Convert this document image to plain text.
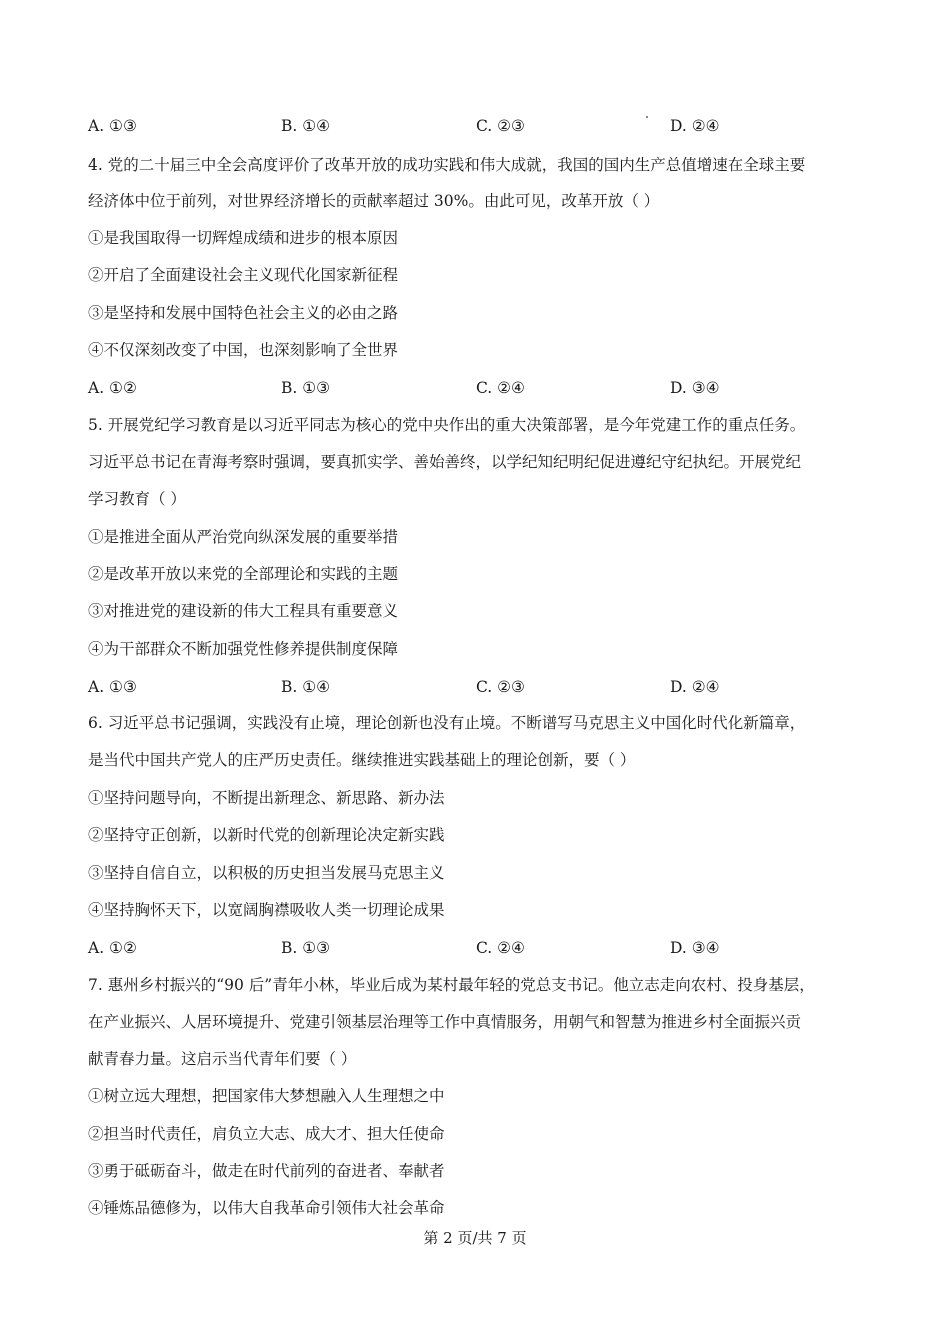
A. ①③	B. ①④	C. ②③	D. ②④
4. 党的二十届三中全会高度评价了改革开放的成功实践和伟大成就，我国的国内生产总值增速在全球主要
经济体中位于前列，对世界经济增长的贡献率超过 30%。由此可见，改革开放（ ）
①是我国取得一切辉煌成绩和进步的根本原因
②开启了全面建设社会主义现代化国家新征程
③是坚持和发展中国特色社会主义的必由之路
④不仅深刻改变了中国，也深刻影响了全世界
A. ①②	B. ①③	C. ②④	D. ③④
5. 开展党纪学习教育是以习近平同志为核心的党中央作出的重大决策部署，是今年党建工作的重点任务。
习近平总书记在青海考察时强调，要真抓实学、善始善终，以学纪知纪明纪促进遵纪守纪执纪。开展党纪
学习教育（ ）
①是推进全面从严治党向纵深发展的重要举措
②是改革开放以来党的全部理论和实践的主题
③对推进党的建设新的伟大工程具有重要意义
④为干部群众不断加强党性修养提供制度保障
A. ①③	B. ①④	C. ②③	D. ②④
6. 习近平总书记强调，实践没有止境，理论创新也没有止境。不断谱写马克思主义中国化时代化新篇章，
是当代中国共产党人的庄严历史责任。继续推进实践基础上的理论创新，要（ ）
①坚持问题导向，不断提出新理念、新思路、新办法
②坚持守正创新，以新时代党的创新理论决定新实践
③坚持自信自立，以积极的历史担当发展马克思主义
④坚持胸怀天下，以宽阔胸襟吸收人类一切理论成果
A. ①②	B. ①③	C. ②④	D. ③④
7. 惠州乡村振兴的“90 后”青年小林，毕业后成为某村最年轻的党总支书记。他立志走向农村、投身基层，
在产业振兴、人居环境提升、党建引领基层治理等工作中真情服务，用朝气和智慧为推进乡村全面振兴贡
献青春力量。这启示当代青年们要（ ）
①树立远大理想，把国家伟大梦想融入人生理想之中
②担当时代责任，肩负立大志、成大才、担大任使命
③勇于砥砺奋斗，做走在时代前列的奋进者、奉献者
④锤炼品德修为，以伟大自我革命引领伟大社会革命
第 2 页/共 7 页
